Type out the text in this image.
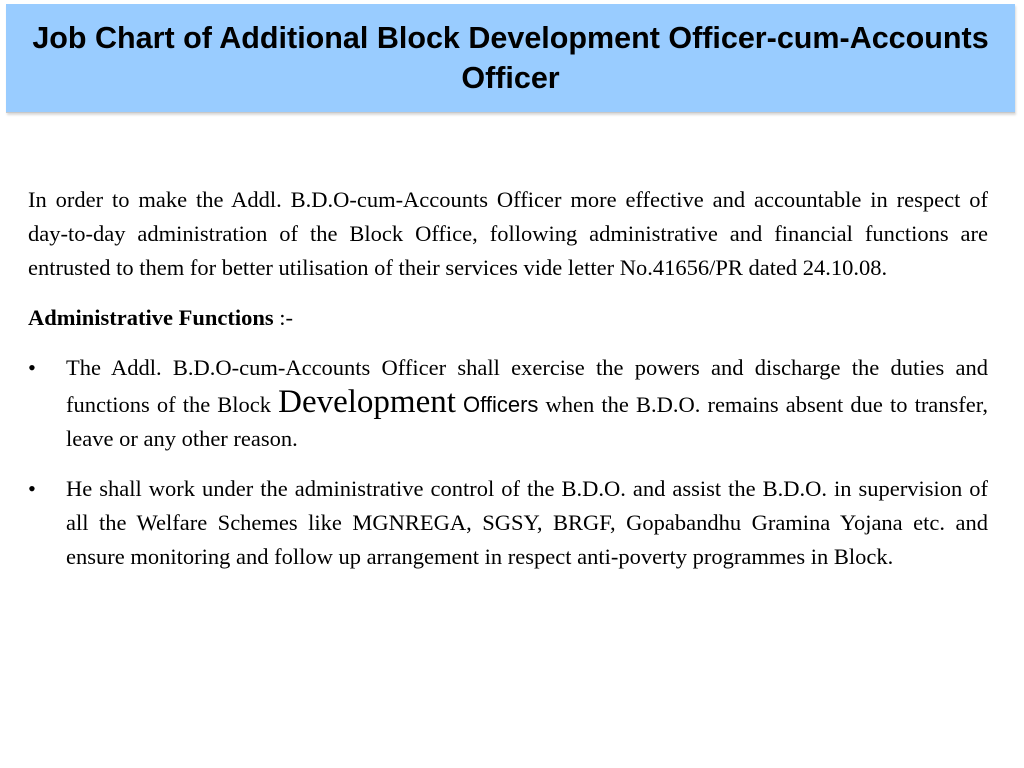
Job Chart of Additional Block Development Officer-cum-Accounts Officer

In order to make the Addl. B.D.O-cum-Accounts Officer more effective and accountable in respect of day-to-day administration of the Block Office, following administrative and financial functions are entrusted to them for better utilisation of their services vide letter No.41656/PR dated 24.10.08.

Administrative Functions :-

• The Addl. B.D.O-cum-Accounts Officer shall exercise the powers and discharge the duties and functions of the Block Development Officers when the B.D.O. remains absent due to transfer, leave or any other reason.
• He shall work under the administrative control of the B.D.O. and assist the B.D.O. in supervision of all the Welfare Schemes like MGNREGA, SGSY, BRGF, Gopabandhu Gramina Yojana etc. and ensure monitoring and follow up arrangement in respect anti-poverty programmes in Block.
